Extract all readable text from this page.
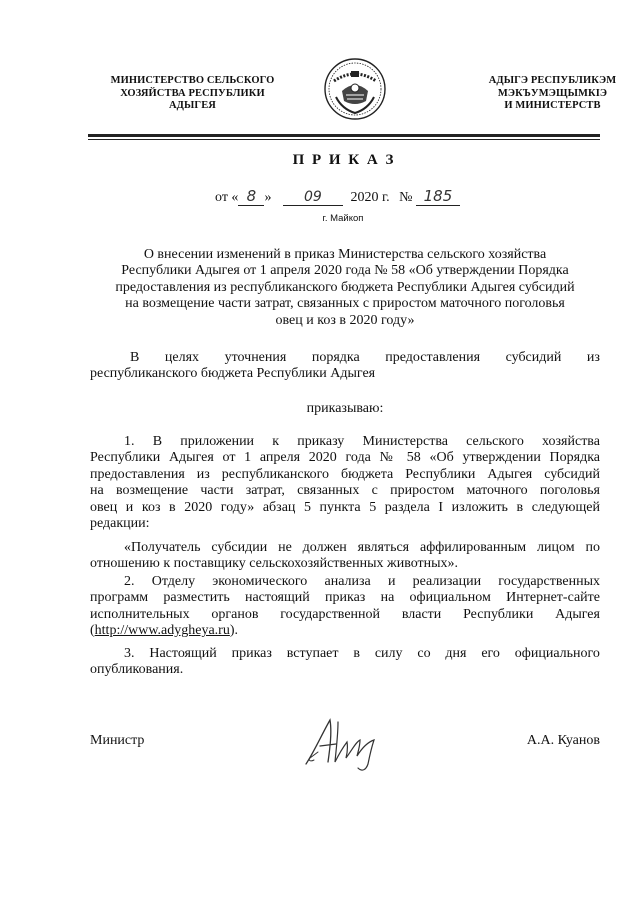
МИНИСТЕРСТВО СЕЛЬСКОГО
ХОЗЯЙСТВА РЕСПУБЛИКИ
АДЫГЕЯ
АДЫГЭ РЕСПУБЛИКЭМ
МЭКЪУМЭЩЫМКIЭ
И МИНИСТЕРСТВ
П Р И К А З
от « 8 » 09 2020 г. № 185
г. Майкоп
О внесении изменений в приказ Министерства сельского хозяйства
Республики Адыгея от 1 апреля 2020 года № 58 «Об утверждении Порядка
предоставления из республиканского бюджета Республики Адыгея субсидий
на возмещение части затрат, связанных с приростом маточного поголовья
овец и коз в 2020 году»
В целях уточнения порядка предоставления субсидий из
республиканского бюджета Республики Адыгея
приказываю:
1. В приложении к приказу Министерства сельского хозяйства
Республики Адыгея от 1 апреля 2020 года № 58 «Об утверждении Порядка
предоставления из республиканского бюджета Республики Адыгея субсидий
на возмещение части затрат, связанных с приростом маточного поголовья
овец и коз в 2020 году» абзац 5 пункта 5 раздела I изложить в следующей
редакции:
«Получатель субсидии не должен являться аффилированным лицом по
отношению к поставщику сельскохозяйственных животных».
2. Отделу экономического анализа и реализации государственных
программ разместить настоящий приказ на официальном Интернет-сайте
исполнительных органов государственной власти Республики Адыгея
(http://www.adygheya.ru).
3. Настоящий приказ вступает в силу со дня его официального
опубликования.
Министр	А.А. Куанов
